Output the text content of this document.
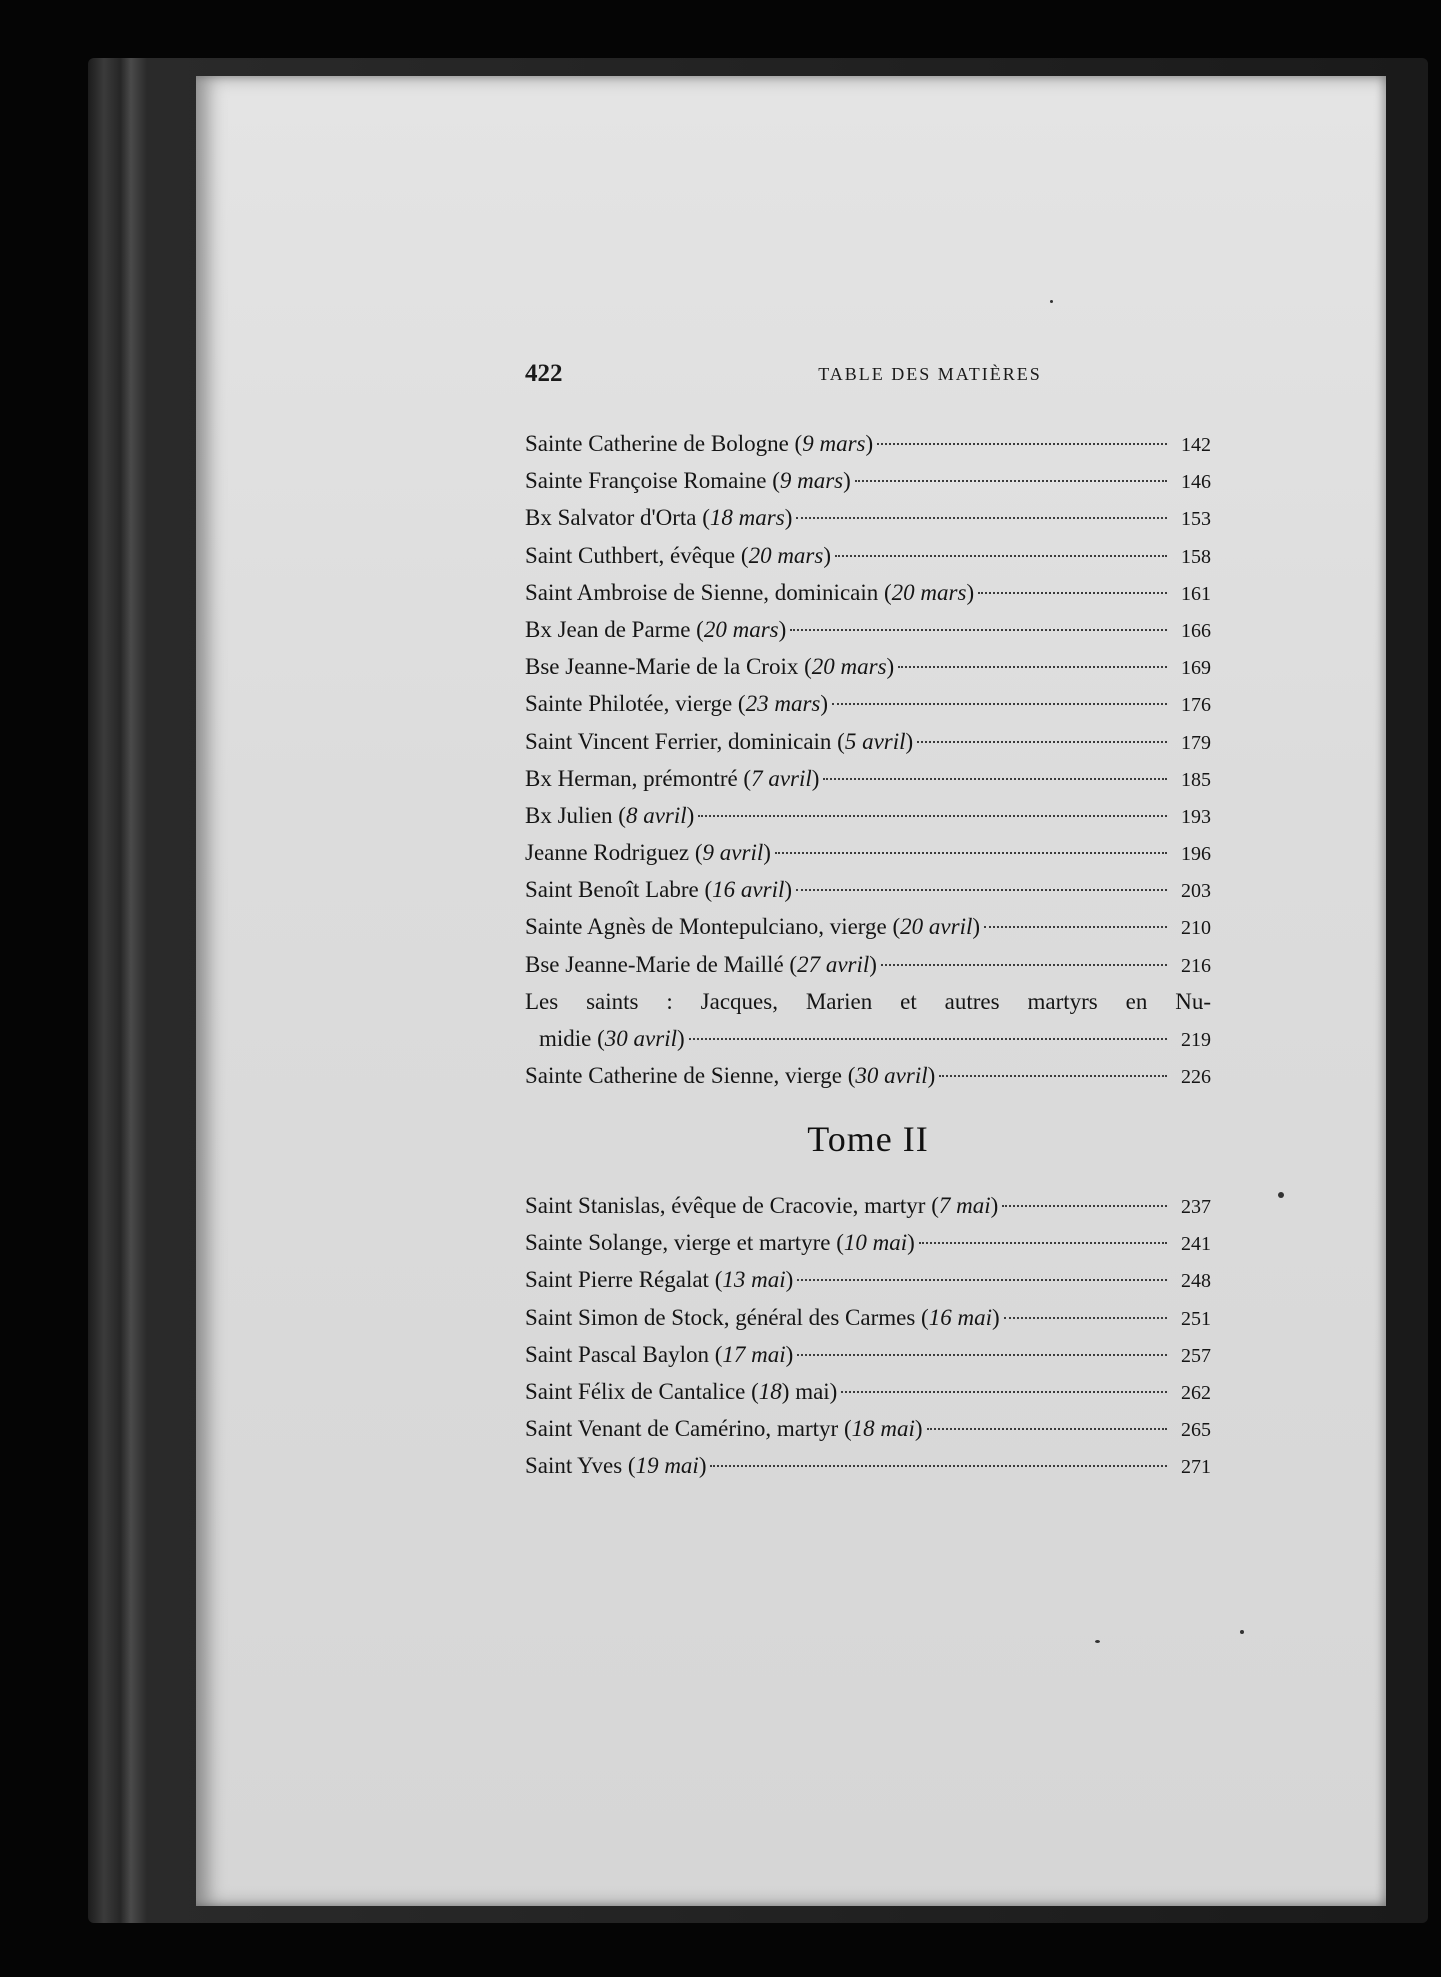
422	TABLE DES MATIÈRES
Sainte Catherine de Bologne (9 mars)	142
Sainte Françoise Romaine (9 mars)	146
Bx Salvator d'Orta (18 mars)	153
Saint Cuthbert, évêque (20 mars)	158
Saint Ambroise de Sienne, dominicain (20 mars)	161
Bx Jean de Parme (20 mars)	166
Bse Jeanne-Marie de la Croix (20 mars)	169
Sainte Philotée, vierge (23 mars)	176
Saint Vincent Ferrier, dominicain (5 avril)	179
Bx Herman, prémontré (7 avril)	185
Bx Julien (8 avril)	193
Jeanne Rodriguez (9 avril)	196
Saint Benoît Labre (16 avril)	203
Sainte Agnès de Montepulciano, vierge (20 avril)	210
Bse Jeanne-Marie de Maillé (27 avril)	216
Les saints : Jacques, Marien et autres martyrs en Nu-
midie (30 avril)	219
Sainte Catherine de Sienne, vierge (30 avril)	226
Tome II
Saint Stanislas, évêque de Cracovie, martyr (7 mai)	237
Sainte Solange, vierge et martyre (10 mai)	241
Saint Pierre Régalat (13 mai)	248
Saint Simon de Stock, général des Carmes (16 mai)	251
Saint Pascal Baylon (17 mai)	257
Saint Félix de Cantalice (18) mai)	262
Saint Venant de Camérino, martyr (18 mai)	265
Saint Yves (19 mai)	271
